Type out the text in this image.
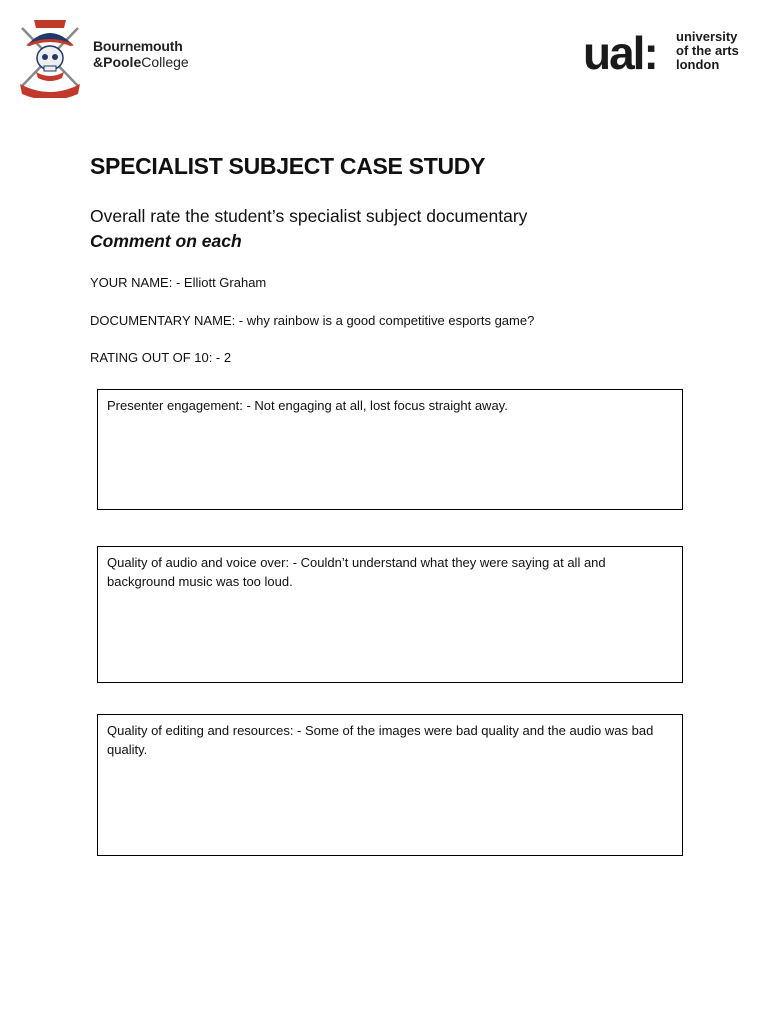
Bournemouth
&PooleCollege	ual: university
of the arts
london
SPECIALIST SUBJECT CASE STUDY
Overall rate the student’s specialist subject documentary
Comment on each
YOUR NAME: - Elliott Graham
DOCUMENTARY NAME: - why rainbow is a good competitive esports game?
RATING OUT OF 10: - 2
Presenter engagement: - Not engaging at all, lost focus straight away.
Quality of audio and voice over: - Couldn’t understand what they were saying at all and background music was too loud.
Quality of editing and resources: - Some of the images were bad quality and the audio was bad quality.
